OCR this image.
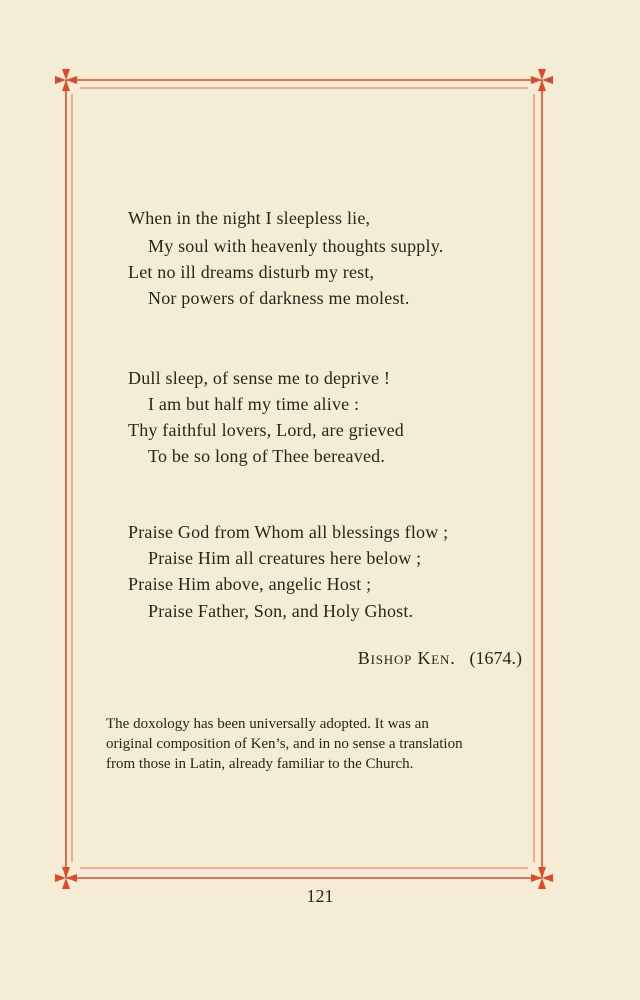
When in the night I sleepless lie,
My soul with heavenly thoughts supply.
Let no ill dreams disturb my rest,
Nor powers of darkness me molest.
Dull sleep, of sense me to deprive !
I am but half my time alive :
Thy faithful lovers, Lord, are grieved
To be so long of Thee bereaved.
Praise God from Whom all blessings flow ;
Praise Him all creatures here below ;
Praise Him above, angelic Host ;
Praise Father, Son, and Holy Ghost.
Bishop Ken. (1674.)
The doxology has been universally adopted. It was an
original composition of Ken’s, and in no sense a translation
from those in Latin, already familiar to the Church.
121
